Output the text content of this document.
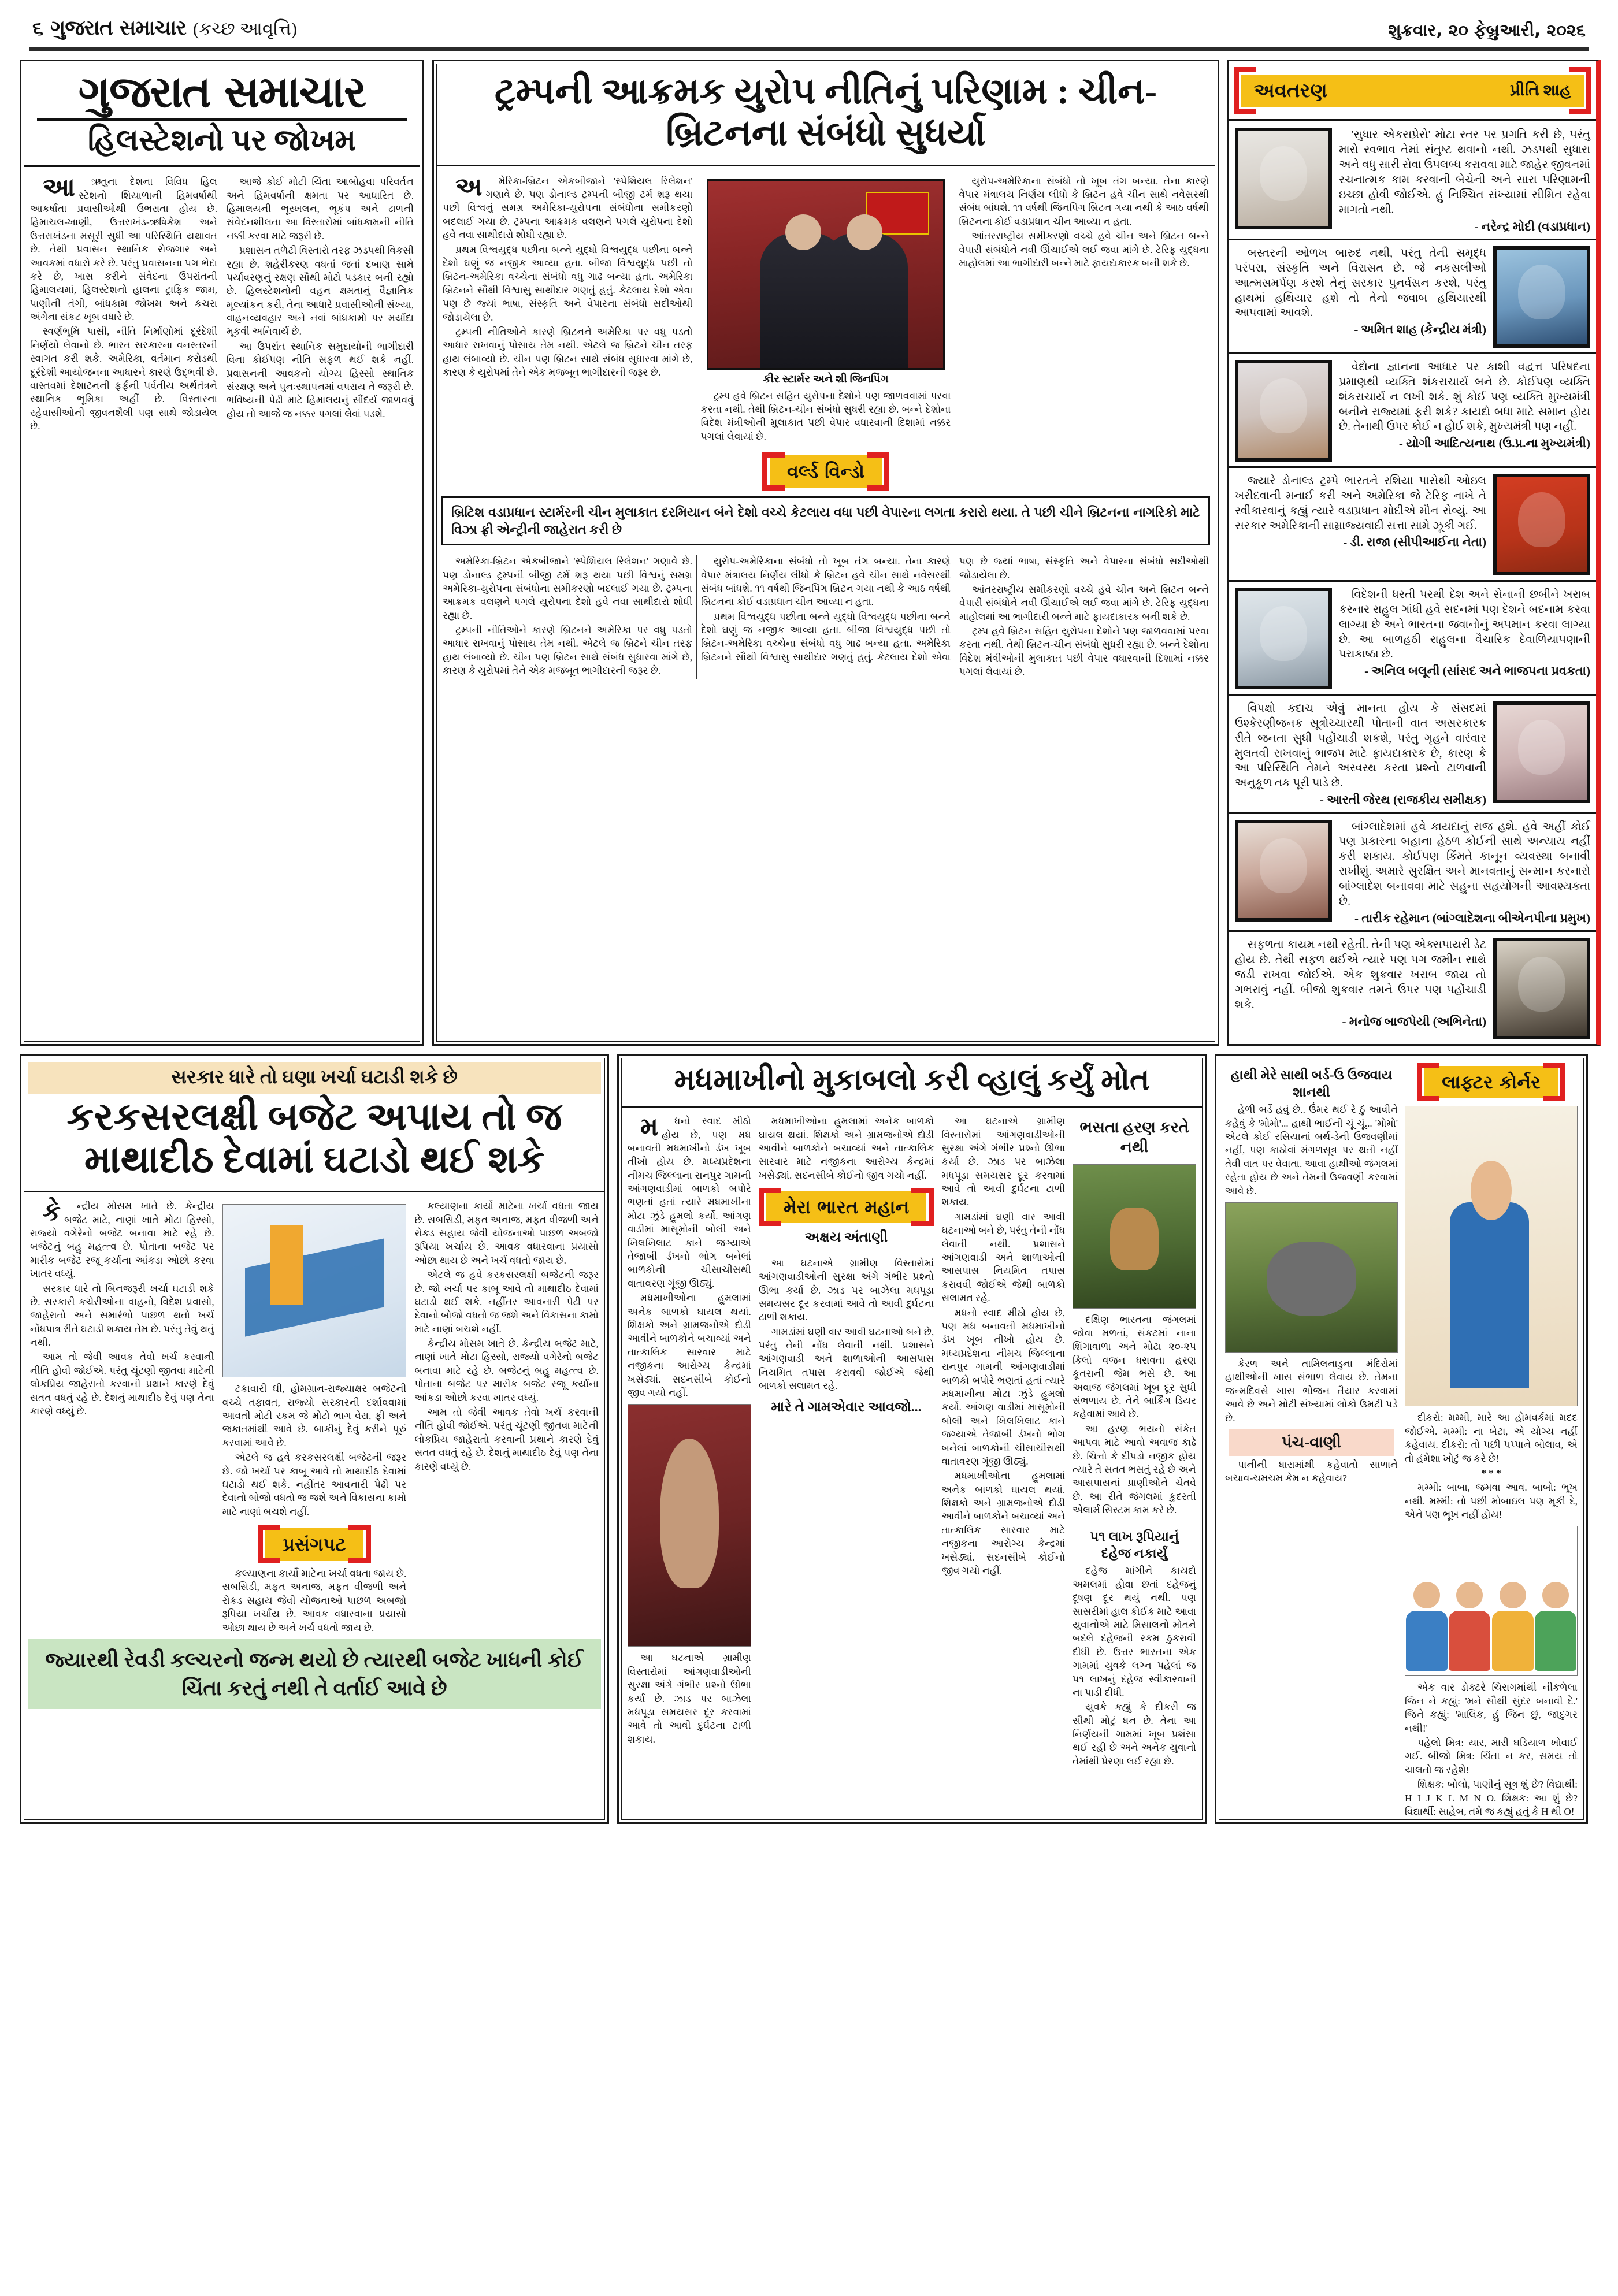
૬ ગુજરાત સમાચાર (કચ્છ આવૃત્તિ)	શુક્રવાર, ૨૦ ફેબ્રુઆરી, ૨૦૨૬
ગુજરાત સમાચાર
હિલસ્ટેશનો પર જોખમ

આઋતુના દેશના વિવિધ હિલ સ્ટેશનો શિયાળાની હિમવર્ષાથી આકર્ષાતા પ્રવાસીઓથી ઉભરાતા હોય છે. હિમાચલ-ખાણી, ઉત્તરાખંડ-ઋષિકેશ અને ઉત્તરાખંડના મસૂરી સુધી આ પરિસ્થિતિ યથાવત છે. તેથી પ્રવાસન સ્થાનિક રોજગાર અને આવકમાં વધારો કરે છે. પરંતુ પ્રવાસનના પગ ભેદા કરે છે, ખાસ કરીને સંવેદના ઉપરાંતની હિમાલયમાં, હિલસ્ટેશનો હાલના ટ્રાફિક જામ, પાણીની તંગી, બાંધકામ જોખમ અને કચરા અંગેના સંકટ ખૂબ વધારે છે.

સ્વર્ણભૂમિ પાસી, નીતિ નિર્માણોમાં દૂરંદેશી નિર્ણયો લેવાનો છે. ભારત સરકારના વનસ્તરની સ્વાગત કરી શકે. અમેરિકા, વર્તમાન કરોડથી દૂરંદેશી આયોજનના આધારને કારણે ઉદ્ભવી છે. વાસ્તવમાં દેશાટનની ફર્ફની પર્વતીય અર્થતંત્રને સ્થાનિક ભૂમિકા અહીં છે. વિસ્તારના રહેવાસીઓની જીવનશૈલી પણ સાથે જોડાયેલ છે.

આજે કોઈ મોટી ચિંતા આબોહવા પરિવર્તન અને હિમવર્ષાની ક્ષમતા પર આધારિત છે. હિમાલયની ભૂસ્ખલન, ભૂકંપ અને ઢાળની સંવેદનશીલતા આ વિસ્તારોમાં બાંધકામની નીતિ નક્કી કરવા માટે જરૂરી છે.

પ્રશાસન તળેટી વિસ્તારો તરફ ઝડપથી વિકસી રહ્યા છે. શહેરીકરણ વધતાં જતાં દબાણ સામે પર્યાવરણનું રક્ષણ સૌથી મોટો પડકાર બની રહ્યો છે. હિલસ્ટેશનોની વહન ક્ષમતાનું વૈજ્ઞાનિક મૂલ્યાંકન કરી, તેના આધારે પ્રવાસીઓની સંખ્યા, વાહનવ્યવહાર અને નવાં બાંધકામો પર મર્યાદા મૂકવી અનિવાર્ય છે.

આ ઉપરાંત સ્થાનિક સમુદાયોની ભાગીદારી વિના કોઈપણ નીતિ સફળ થઈ શકે નહીં. પ્રવાસનની આવકનો યોગ્ય હિસ્સો સ્થાનિક સંરક્ષણ અને પુનઃસ્થાપનમાં વપરાય તે જરૂરી છે. ભવિષ્યની પેઢી માટે હિમાલયનું સૌંદર્ય જાળવવું હોય તો આજે જ નક્કર પગલાં લેવાં પડશે.

ટ્રમ્પની આક્રમક યુરોપ નીતિનું પરિણામ : ચીન-બ્રિટનના સંબંધો સુધર્યા

અમેરિકા-બ્રિટન એકબીજાને 'સ્પેશિયલ રિલેશન' ગણાવે છે. પણ ડોનાલ્ડ ટ્રમ્પની બીજી ટર્મ શરૂ થયા પછી વિશ્વનું સમગ્ર અમેરિકા-યુરોપના સંબંધોના સમીકરણો બદલાઈ ગયા છે. ટ્રમ્પના આક્રમક વલણને પગલે યુરોપના દેશો હવે નવા સાથીદારો શોધી રહ્યા છે.

પ્રથમ વિશ્વયુદ્ધ પછીના બન્ને યુદ્ધો વિશ્વયુદ્ધ પછીના બન્ને દેશો ઘણું જ નજીક આવ્યા હતા. બીજા વિશ્વયુદ્ધ પછી તો બ્રિટન-અમેરિકા વચ્ચેના સંબંધો વધુ ગાઢ બન્યા હતા. અમેરિકા બ્રિટનને સૌથી વિશ્વાસુ સાથીદાર ગણતું હતું. કેટલાય દેશો એવા પણ છે જ્યાં ભાષા, સંસ્કૃતિ અને વેપારના સંબંધો સદીઓથી જોડાયેલા છે.

ટ્રમ્પની નીતિઓને કારણે બ્રિટનને અમેરિકા પર વધુ પડતો આધાર રાખવાનું પોસાય તેમ નથી. એટલે જ બ્રિટને ચીન તરફ હાથ લંબાવ્યો છે. ચીન પણ બ્રિટન સાથે સંબંધ સુધારવા માંગે છે, કારણ કે યુરોપમાં તેને એક મજબૂત ભાગીદારની જરૂર છે.

કીર સ્ટાર્મર અને શી જિનપિંગ

ટ્રમ્પ હવે બ્રિટન સહિત યુરોપના દેશોને પણ જાળવવામાં પરવા કરતા નથી. તેથી બ્રિટન-ચીન સંબંધો સુધરી રહ્યા છે. બન્ને દેશોના વિદેશ મંત્રીઓની મુલાકાત પછી વેપાર વધારવાની દિશામાં નક્કર પગલાં લેવાયાં છે.

યુરોપ-અમેરિકાના સંબંધો તો ખૂબ તંગ બન્યા. તેના કારણે વેપાર મંત્રાલય નિર્ણય લીધો કે બ્રિટન હવે ચીન સાથે નવેસરથી સંબંધ બાંધશે. ૧૧ વર્ષથી જિનપિંગ બ્રિટન ગયા નથી કે આઠ વર્ષથી બ્રિટનના કોઈ વડાપ્રધાન ચીન આવ્યા ન હતા.

આંતરરાષ્ટ્રીય સમીકરણો વચ્ચે હવે ચીન અને બ્રિટન બન્ને વેપારી સંબંધોને નવી ઊંચાઈએ લઈ જવા માંગે છે. ટેરિફ યુદ્ધના માહોલમાં આ ભાગીદારી બન્ને માટે ફાયદાકારક બની શકે છે.

વર્લ્ડ વિન્ડો
બ્રિટિશ વડાપ્રધાન સ્ટાર્મરની ચીન મુલાકાત દરમિયાન બંને દેશો વચ્ચે કેટલાય વધા પછી વેપારના લગતા કરારો થયા. તે પછી ચીને બ્રિટનના નાગરિકો માટે વિઝા ફ્રી એન્ટ્રીની જાહેરાત કરી છે

અમેરિકા-બ્રિટન એકબીજાને 'સ્પેશિયલ રિલેશન' ગણાવે છે. પણ ડોનાલ્ડ ટ્રમ્પની બીજી ટર્મ શરૂ થયા પછી વિશ્વનું સમગ્ર અમેરિકા-યુરોપના સંબંધોના સમીકરણો બદલાઈ ગયા છે. ટ્રમ્પના આક્રમક વલણને પગલે યુરોપના દેશો હવે નવા સાથીદારો શોધી રહ્યા છે.

ટ્રમ્પની નીતિઓને કારણે બ્રિટનને અમેરિકા પર વધુ પડતો આધાર રાખવાનું પોસાય તેમ નથી. એટલે જ બ્રિટને ચીન તરફ હાથ લંબાવ્યો છે. ચીન પણ બ્રિટન સાથે સંબંધ સુધારવા માંગે છે, કારણ કે યુરોપમાં તેને એક મજબૂત ભાગીદારની જરૂર છે.

યુરોપ-અમેરિકાના સંબંધો તો ખૂબ તંગ બન્યા. તેના કારણે વેપાર મંત્રાલય નિર્ણય લીધો કે બ્રિટન હવે ચીન સાથે નવેસરથી સંબંધ બાંધશે. ૧૧ વર્ષથી જિનપિંગ બ્રિટન ગયા નથી કે આઠ વર્ષથી બ્રિટનના કોઈ વડાપ્રધાન ચીન આવ્યા ન હતા.

પ્રથમ વિશ્વયુદ્ધ પછીના બન્ને યુદ્ધો વિશ્વયુદ્ધ પછીના બન્ને દેશો ઘણું જ નજીક આવ્યા હતા. બીજા વિશ્વયુદ્ધ પછી તો બ્રિટન-અમેરિકા વચ્ચેના સંબંધો વધુ ગાઢ બન્યા હતા. અમેરિકા બ્રિટનને સૌથી વિશ્વાસુ સાથીદાર ગણતું હતું. કેટલાય દેશો એવા પણ છે જ્યાં ભાષા, સંસ્કૃતિ અને વેપારના સંબંધો સદીઓથી જોડાયેલા છે.

આંતરરાષ્ટ્રીય સમીકરણો વચ્ચે હવે ચીન અને બ્રિટન બન્ને વેપારી સંબંધોને નવી ઊંચાઈએ લઈ જવા માંગે છે. ટેરિફ યુદ્ધના માહોલમાં આ ભાગીદારી બન્ને માટે ફાયદાકારક બની શકે છે.

ટ્રમ્પ હવે બ્રિટન સહિત યુરોપના દેશોને પણ જાળવવામાં પરવા કરતા નથી. તેથી બ્રિટન-ચીન સંબંધો સુધરી રહ્યા છે. બન્ને દેશોના વિદેશ મંત્રીઓની મુલાકાત પછી વેપાર વધારવાની દિશામાં નક્કર પગલાં લેવાયાં છે.

અવતરણ	પ્રીતિ શાહ

'સુધાર એકસપ્રેસે' મોટા સ્તર પર પ્રગતિ કરી છે, પરંતુ મારો સ્વભાવ તેમાં સંતુષ્ટ થવાનો નથી. ઝડપથી સુધારા અને વધુ સારી સેવા ઉપલબ્ધ કરાવવા માટે જાહેર જીવનમાં રચનાત્મક કામ કરવાની બેચેની અને સારા પરિણામની ઇચ્છા હોવી જોઈએ. હું નિશ્ચિત સંખ્યામાં સીમિત રહેવા માગતો નથી.

- નરેન્દ્ર મોદી (વડાપ્રધાન)

બસ્તરની ઓળખ બારુદ નથી, પરંતુ તેની સમૃદ્ધ પરંપરા, સંસ્કૃતિ અને વિરાસત છે. જે નકસલીઓ આત્મસમર્પણ કરશે તેનું સરકાર પુનર્વસન કરશે, પરંતુ હાથમાં હથિયાર હશે તો તેનો જવાબ હથિયારથી આપવામાં આવશે.

- અમિત શાહ (કેન્દ્રીય મંત્રી)

વેદોના જ્ઞાનના આધાર પર કાશી વદ્વત્ત પરિષદના પ્રમાણથી વ્યક્તિ શંકરાચાર્ય બને છે. કોઈપણ વ્યક્તિ શંકરાચાર્ય ન લખી શકે. શું કોઈ પણ વ્યક્તિ મુખ્યમંત્રી બનીને રાજ્યમાં ફરી શકે? કાયદો બધા માટે સમાન હોય છે. તેનાથી ઉપર કોઈ ન હોઈ શકે, મુખ્યમંત્રી પણ નહીં.

- યોગી આદિત્યનાથ (ઉ.પ્ર.ના મુખ્યમંત્રી)

જ્યારે ડોનાલ્ડ ટ્રમ્પે ભારતને રશિયા પાસેથી ઓઇલ ખરીદવાની મનાઈ કરી અને અમેરિકા જે ટેરિફ નાખે તે સ્વીકારવાનું કહ્યું ત્યારે વડાપ્રધાન મોદીએ મૌન સેવ્યું. આ સરકાર અમેરિકાની સામ્રાજ્યવાદી સત્તા સામે ઝૂકી ગઈ.

- ડી. રાજા (સીપીઆઈના નેતા)

વિદેશની ધરતી પરથી દેશ અને સેનાની છબીને ખરાબ કરનાર રાહુલ ગાંધી હવે સદનમાં પણ દેશને બદનામ કરવા લાગ્યા છે અને ભારતના જવાનોનું અપમાન કરવા લાગ્યા છે. આ બાળહઠી રાહુલના વૈચારિક દેવાળિયાપણાની પરાકાષ્ઠા છે.

- અનિલ બલૂની (સાંસદ અને ભાજપના પ્રવકતા)

વિપક્ષો કદાચ એવું માનતા હોય કે સંસદમાં ઉશ્કેરણીજનક સૂત્રોચ્ચારથી પોતાની વાત અસરકારક રીતે જનતા સુધી પહોંચાડી શકશે, પરંતુ ગૃહને વારંવાર મુલતવી રાખવાનું ભાજપ માટે ફાયદાકારક છે, કારણ કે આ પરિસ્થિતિ તેમને અસ્વસ્થ કરતા પ્રશ્નો ટાળવાની અનુકૂળ તક પૂરી પાડે છે.

- આરતી જેરથ (રાજકીય સમીક્ષક)

બાંગ્લાદેશમાં હવે કાયદાનું રાજ હશે. હવે અહીં કોઈ પણ પ્રકારના બહાના હેઠળ કોઈની સાથે અન્યાય નહીં કરી શકાય. કોઈપણ કિંમતે કાનૂન વ્યવસ્થા બનાવી રાખીશું. અમારે સુરક્ષિત અને માનવતાનું સન્માન કરનારો બાંગ્લાદેશ બનાવવા માટે સહુના સહયોગની આવશ્યકતા છે.

- તારીક રહેમાન (બાંગ્લાદેશના બીએનપીના પ્રમુખ)

સફળતા કાયમ નથી રહેતી. તેની પણ એક્સપાયરી ડેટ હોય છે. તેથી સફળ થઈએ ત્યારે પણ પગ જમીન સાથે જડી રાખવા જોઈએ. એક શુક્રવાર ખરાબ જાય તો ગભરાવું નહીં. બીજો શુક્રવાર તમને ઉપર પણ પહોંચાડી શકે.

- મનોજ બાજપેયી (અભિનેતા)
સરકાર ધારે તો ઘણા ખર્ચા ઘટાડી શકે છે
કરકસરલક્ષી બજેટ અપાય તો જ માથાદીઠ દેવામાં ઘટાડો થઈ શકે

કેન્દ્રીય મોસમ ખાતે છે. કેન્દ્રીય બજેટ માટે, નાણાં ખાતે મોટા હિસ્સો, રાજ્યો વગેરેનો બજેટ બનાવા માટે રહે છે. બજેટનું બહુ મહત્ત્વ છે. પોતાના બજેટ પર મારીક બજેટ રજૂ કર્યાના આંકડા ઓછો કરવા ખાતર વધ્યું.

સરકાર ધારે તો બિનજરૂરી ખર્ચા ઘટાડી શકે છે. સરકારી કચેરીઓના વાહનો, વિદેશ પ્રવાસો, જાહેરાતો અને સમારંભો પાછળ થતો ખર્ચ નોંધપાત્ર રીતે ઘટાડી શકાય તેમ છે. પરંતુ તેવું થતું નથી.

આમ તો જેવી આવક તેવો ખર્ચ કરવાની નીતિ હોવી જોઈએ. પરંતુ ચૂંટણી જીતવા માટેની લોકપ્રિય જાહેરાતો કરવાની પ્રથાને કારણે દેવું સતત વધતું રહે છે. દેશનું માથાદીઠ દેવું પણ તેના કારણે વધ્યું છે.

ટકાવારી ઘી, હોમગ્રાન-રાજ્યાક્ષર બજેટની વચ્ચે તફાવત, રાજ્યો સરકારની દર્શાવવામાં આવતી મોટી રકમ જે મોટો ભાગ વેરા, ફી અને જકાતમાંથી આવે છે. બાકીનું દેવું કરીને પૂરું કરવામાં આવે છે.

એટલે જ હવે કરકસરલક્ષી બજેટની જરૂર છે. જો ખર્ચા પર કાબૂ આવે તો માથાદીઠ દેવામાં ઘટાડો થઈ શકે. નહીંતર આવનારી પેઢી પર દેવાનો બોજો વધતો જ જશે અને વિકાસના કામો માટે નાણાં બચશે નહીં.

પ્રસંગપટ

કલ્યાણના કાર્યો માટેના ખર્ચા વધતા જાય છે. સબસિડી, મફત અનાજ, મફત વીજળી અને રોકડ સહાય જેવી યોજનાઓ પાછળ અબજો રૂપિયા ખર્ચાય છે. આવક વધારવાના પ્રયાસો ઓછા થાય છે અને ખર્ચ વધતો જાય છે.

કલ્યાણના કાર્યો માટેના ખર્ચા વધતા જાય છે. સબસિડી, મફત અનાજ, મફત વીજળી અને રોકડ સહાય જેવી યોજનાઓ પાછળ અબજો રૂપિયા ખર્ચાય છે. આવક વધારવાના પ્રયાસો ઓછા થાય છે અને ખર્ચ વધતો જાય છે.

એટલે જ હવે કરકસરલક્ષી બજેટની જરૂર છે. જો ખર્ચા પર કાબૂ આવે તો માથાદીઠ દેવામાં ઘટાડો થઈ શકે. નહીંતર આવનારી પેઢી પર દેવાનો બોજો વધતો જ જશે અને વિકાસના કામો માટે નાણાં બચશે નહીં.

કેન્દ્રીય મોસમ ખાતે છે. કેન્દ્રીય બજેટ માટે, નાણાં ખાતે મોટા હિસ્સો, રાજ્યો વગેરેનો બજેટ બનાવા માટે રહે છે. બજેટનું બહુ મહત્ત્વ છે. પોતાના બજેટ પર મારીક બજેટ રજૂ કર્યાના આંકડા ઓછો કરવા ખાતર વધ્યું.

આમ તો જેવી આવક તેવો ખર્ચ કરવાની નીતિ હોવી જોઈએ. પરંતુ ચૂંટણી જીતવા માટેની લોકપ્રિય જાહેરાતો કરવાની પ્રથાને કારણે દેવું સતત વધતું રહે છે. દેશનું માથાદીઠ દેવું પણ તેના કારણે વધ્યું છે.

જ્યારથી રેવડી કલ્ચરનો જન્મ થયો છે ત્યારથી બજેટ ખાધની કોઈ ચિંતા કરતું નથી તે વર્તાઈ આવે છે
મધમાખીનો મુકાબલો કરી વ્હાલું કર્યું મોત

મધનો સ્વાદ મીઠો હોય છે, પણ મધ બનાવતી મધમાખીનો ડંખ ખૂબ તીખો હોય છે. મધ્યપ્રદેશના નીમચ જિલ્લાના રાનપુર ગામની આંગણવાડીમાં બાળકો બપોરે ભણતાં હતાં ત્યારે મધમાખીના મોટા ઝુંડે હુમલો કર્યો. આંગણ વાડીમાં માસૂમોની બોલી અને ખિલખિલાટ કાને જગ્યાએ તેજાબી ડંખનો ભોગ બનેલાં બાળકોની ચીસાચીસથી વાતાવરણ ગૂંજી ઊઠ્યું.

મધમાખીઓના હુમલામાં અનેક બાળકો ઘાયલ થયાં. શિક્ષકો અને ગ્રામજનોએ દોડી આવીને બાળકોને બચાવ્યાં અને તાત્કાલિક સારવાર માટે નજીકના આરોગ્ય કેન્દ્રમાં ખસેડ્યાં. સદનસીબે કોઈનો જીવ ગયો નહીં.

આ ઘટનાએ ગ્રામીણ વિસ્તારોમાં આંગણવાડીઓની સુરક્ષા અંગે ગંભીર પ્રશ્નો ઊભા કર્યા છે. ઝાડ પર બાઝેલા મધપૂડા સમયસર દૂર કરવામાં આવે તો આવી દુર્ઘટના ટાળી શકાય.

મધમાખીઓના હુમલામાં અનેક બાળકો ઘાયલ થયાં. શિક્ષકો અને ગ્રામજનોએ દોડી આવીને બાળકોને બચાવ્યાં અને તાત્કાલિક સારવાર માટે નજીકના આરોગ્ય કેન્દ્રમાં ખસેડ્યાં. સદનસીબે કોઈનો જીવ ગયો નહીં.

મેરા ભારત મહાન
અક્ષય અંતાણી

આ ઘટનાએ ગ્રામીણ વિસ્તારોમાં આંગણવાડીઓની સુરક્ષા અંગે ગંભીર પ્રશ્નો ઊભા કર્યા છે. ઝાડ પર બાઝેલા મધપૂડા સમયસર દૂર કરવામાં આવે તો આવી દુર્ઘટના ટાળી શકાય.

ગામડાંમાં ઘણી વાર આવી ઘટનાઓ બને છે, પરંતુ તેની નોંધ લેવાતી નથી. પ્રશાસને આંગણવાડી અને શાળાઓની આસપાસ નિયમિત તપાસ કરાવવી જોઈએ જેથી બાળકો સલામત રહે.

મારે તે ગામએવાર આવજો...

આ ઘટનાએ ગ્રામીણ વિસ્તારોમાં આંગણવાડીઓની સુરક્ષા અંગે ગંભીર પ્રશ્નો ઊભા કર્યા છે. ઝાડ પર બાઝેલા મધપૂડા સમયસર દૂર કરવામાં આવે તો આવી દુર્ઘટના ટાળી શકાય.

ગામડાંમાં ઘણી વાર આવી ઘટનાઓ બને છે, પરંતુ તેની નોંધ લેવાતી નથી. પ્રશાસને આંગણવાડી અને શાળાઓની આસપાસ નિયમિત તપાસ કરાવવી જોઈએ જેથી બાળકો સલામત રહે.

મધનો સ્વાદ મીઠો હોય છે, પણ મધ બનાવતી મધમાખીનો ડંખ ખૂબ તીખો હોય છે. મધ્યપ્રદેશના નીમચ જિલ્લાના રાનપુર ગામની આંગણવાડીમાં બાળકો બપોરે ભણતાં હતાં ત્યારે મધમાખીના મોટા ઝુંડે હુમલો કર્યો. આંગણ વાડીમાં માસૂમોની બોલી અને ખિલખિલાટ કાને જગ્યાએ તેજાબી ડંખનો ભોગ બનેલાં બાળકોની ચીસાચીસથી વાતાવરણ ગૂંજી ઊઠ્યું.

મધમાખીઓના હુમલામાં અનેક બાળકો ઘાયલ થયાં. શિક્ષકો અને ગ્રામજનોએ દોડી આવીને બાળકોને બચાવ્યાં અને તાત્કાલિક સારવાર માટે નજીકના આરોગ્ય કેન્દ્રમાં ખસેડ્યાં. સદનસીબે કોઈનો જીવ ગયો નહીં.

ભસતા હરણ કરતે નથી

દક્ષિણ ભારતના જંગલમાં જોવા મળતાં, સંકટમાં નાના શિંગાવાળા અને મોટા ૨૦-૨૫ કિલો વજન ધરાવતા હરણ કૂતરાની જેમ ભસે છે. આ અવાજ જંગલમાં ખૂબ દૂર સુધી સંભળાય છે. તેને બાર્કિંગ ડિયર કહેવામાં આવે છે.

આ હરણ ભયનો સંકેત આપવા માટે આવો અવાજ કાઢે છે. ચિત્તો કે દીપડો નજીક હોય ત્યારે તે સતત ભસતું રહે છે અને આસપાસનાં પ્રાણીઓને ચેતવે છે. આ રીતે જંગલમાં કુદરતી એલાર્મ સિસ્ટમ કામ કરે છે.

૫૧ લાખ રૂપિયાનું દહેજ નકાર્યું

દહેજ માંગીને કાયદો અમલમાં હોવા છતાં દહેજનું દૂષણ દૂર થયું નથી. પણ સાસરીમાં હાલ કોઈક માટે આવા યુવાનોએ માટે મિસાલનો મોતને બદલે દહેજની રકમ ઠુકરાવી દીધી છે. ઉત્તર ભારતના એક ગામમાં યુવકે લગ્ન પહેલાં જ ૫૧ લાખનું દહેજ સ્વીકારવાની ના પાડી દીધી.

યુવકે કહ્યું કે દીકરી જ સૌથી મોટું ધન છે. તેના આ નિર્ણયની ગામમાં ખૂબ પ્રશંસા થઈ રહી છે અને અનેક યુવાનો તેમાંથી પ્રેરણા લઈ રહ્યા છે.

હાથી મેરે સાથી બર્ડ-ઉ ઉજવાય શાનથી

હેળી બર્ડે હવું છે.. ઉંમર થઈ રે ઠું આવીને કહેવું કે 'મોમો'... હાથી ભાઈની ચૂં ચૂં... 'મોમો' એટલે કોઈ રસિયાનાં બર્થ-ડેની ઉજવણીમાં નહીં, પણ કાઠોવાં મંગળસૂત્ર પર થતી નહીં તેવી વાત પર વેવાતા. આવા હાથીઓ જંગલમાં રહેતા હોય છે અને તેમની ઉજવણી કરવામાં આવે છે.

કેરળ અને તામિલનાડુના મંદિરોમાં હાથીઓની ખાસ સંભાળ લેવાય છે. તેમના જન્મદિવસે ખાસ ભોજન તૈયાર કરવામાં આવે છે અને મોટી સંખ્યામાં લોકો ઉમટી પડે છે.

પંચ-વાણી

પાનીની ધારામાંથી કહેવાતો સાળાને બચાવ-ચમચમ કેમ ન કહેવાય?

લાફ્ટર કોર્નર

દીકરો: મમ્મી, મારે આ હોમવર્કમાં મદદ જોઈએ. મમ્મી: ના બેટા, એ યોગ્ય નહીં કહેવાય. દીકરો: તો પછી પપ્પાને બોલાવ, એ તો હંમેશા ખોટું જ કરે છે!

* * *

મમ્મી: બાબા, જમવા આવ. બાબો: ભૂખ નથી. મમ્મી: તો પછી મોબાઇલ પણ મૂકી દે, એને પણ ભૂખ નહીં હોય!

એક વાર ડોક્ટરે ચિરાગમાંથી નીકળેલા જિન ને કહ્યું: 'મને સૌથી સુંદર બનાવી દે.' જિને કહ્યું: 'માલિક, હું જિન છું, જાદુગર નથી!'

પહેલો મિત્ર: યાર, મારી ઘડિયાળ ખોવાઈ ગઈ. બીજો મિત્ર: ચિંતા ન કર, સમય તો ચાલતો જ રહેશે!

શિક્ષક: બોલો, પાણીનું સૂત્ર શું છે? વિદ્યાર્થી: H I J K L M N O. શિક્ષક: આ શું છે? વિદ્યાર્થી: સાહેબ, તમે જ કહ્યું હતું કે H થી O!
